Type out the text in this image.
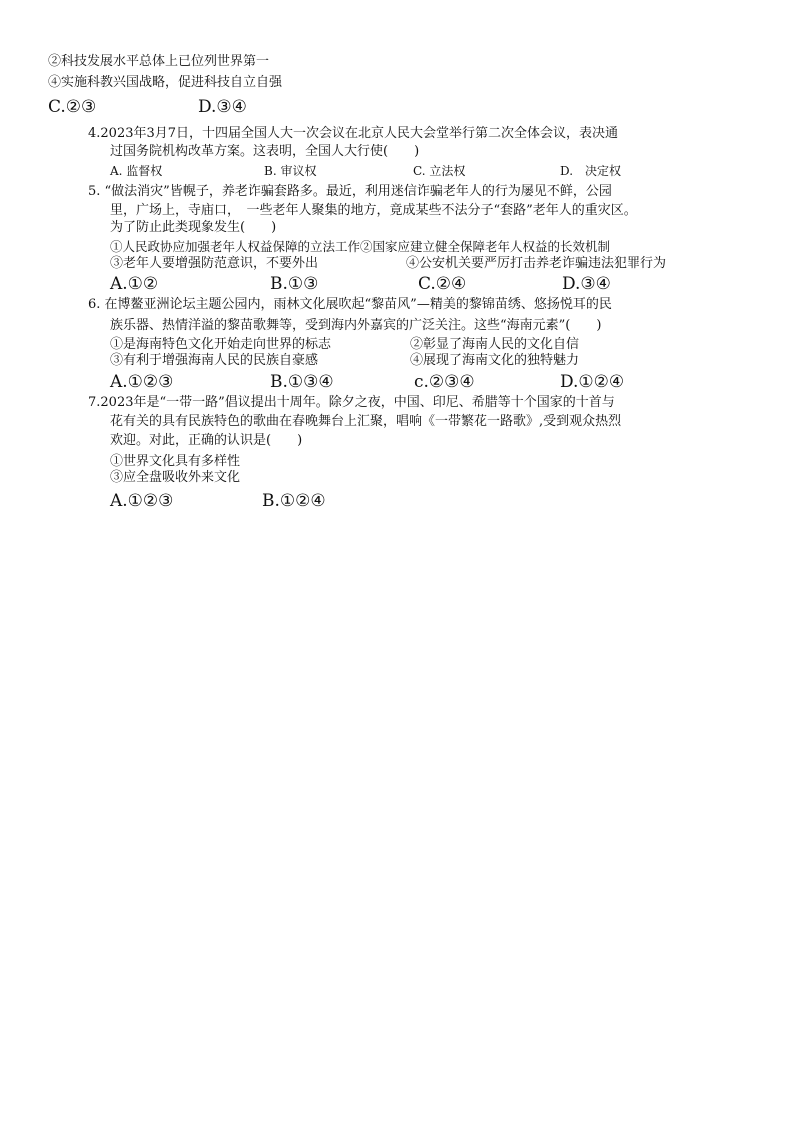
②科技发展水平总体上已位列世界第一
④实施科教兴国战略，促进科技自立自强
C.②③	D.③④
4.2023年3月7日，十四届全国人大一次会议在北京人民大会堂举行第二次全体会议，表决通
过国务院机构改革方案。这表明，全国人大行使(　　)
A. 监督权	B. 审议权	C. 立法权	D.　决定权
5. “做法消灾”皆幌子，养老诈骗套路多。最近，利用迷信诈骗老年人的行为屡见不鲜，公园
里，广场上，寺庙口，　一些老年人聚集的地方，竟成某些不法分子“套路”老年人的重灾区。
为了防止此类现象发生(　　)
①人民政协应加强老年人权益保障的立法工作②国家应建立健全保障老年人权益的长效机制
③老年人要增强防范意识，不要外出	④公安机关要严厉打击养老诈骗违法犯罪行为
A.①②	B.①③	C.②④	D.③④
6. 在博鳌亚洲论坛主题公园内，雨林文化展吹起“黎苗风”—精美的黎锦苗绣、悠扬悦耳的民
族乐器、热情洋溢的黎苗歌舞等，受到海内外嘉宾的广泛关注。这些“海南元素”(　　)
①是海南特色文化开始走向世界的标志	②彰显了海南人民的文化自信
③有利于增强海南人民的民族自豪感	④展现了海南文化的独特魅力
A.①②③	B.①③④	c.②③④	D.①②④
7.2023年是“一带一路”倡议提出十周年。除夕之夜，中国、印尼、希腊等十个国家的十首与
花有关的具有民族特色的歌曲在春晚舞台上汇聚，唱响《一带繁花一路歌》,受到观众热烈
欢迎。对此，正确的认识是(　　)
①世界文化具有多样性
③应全盘吸收外来文化
A.①②③	B.①②④
